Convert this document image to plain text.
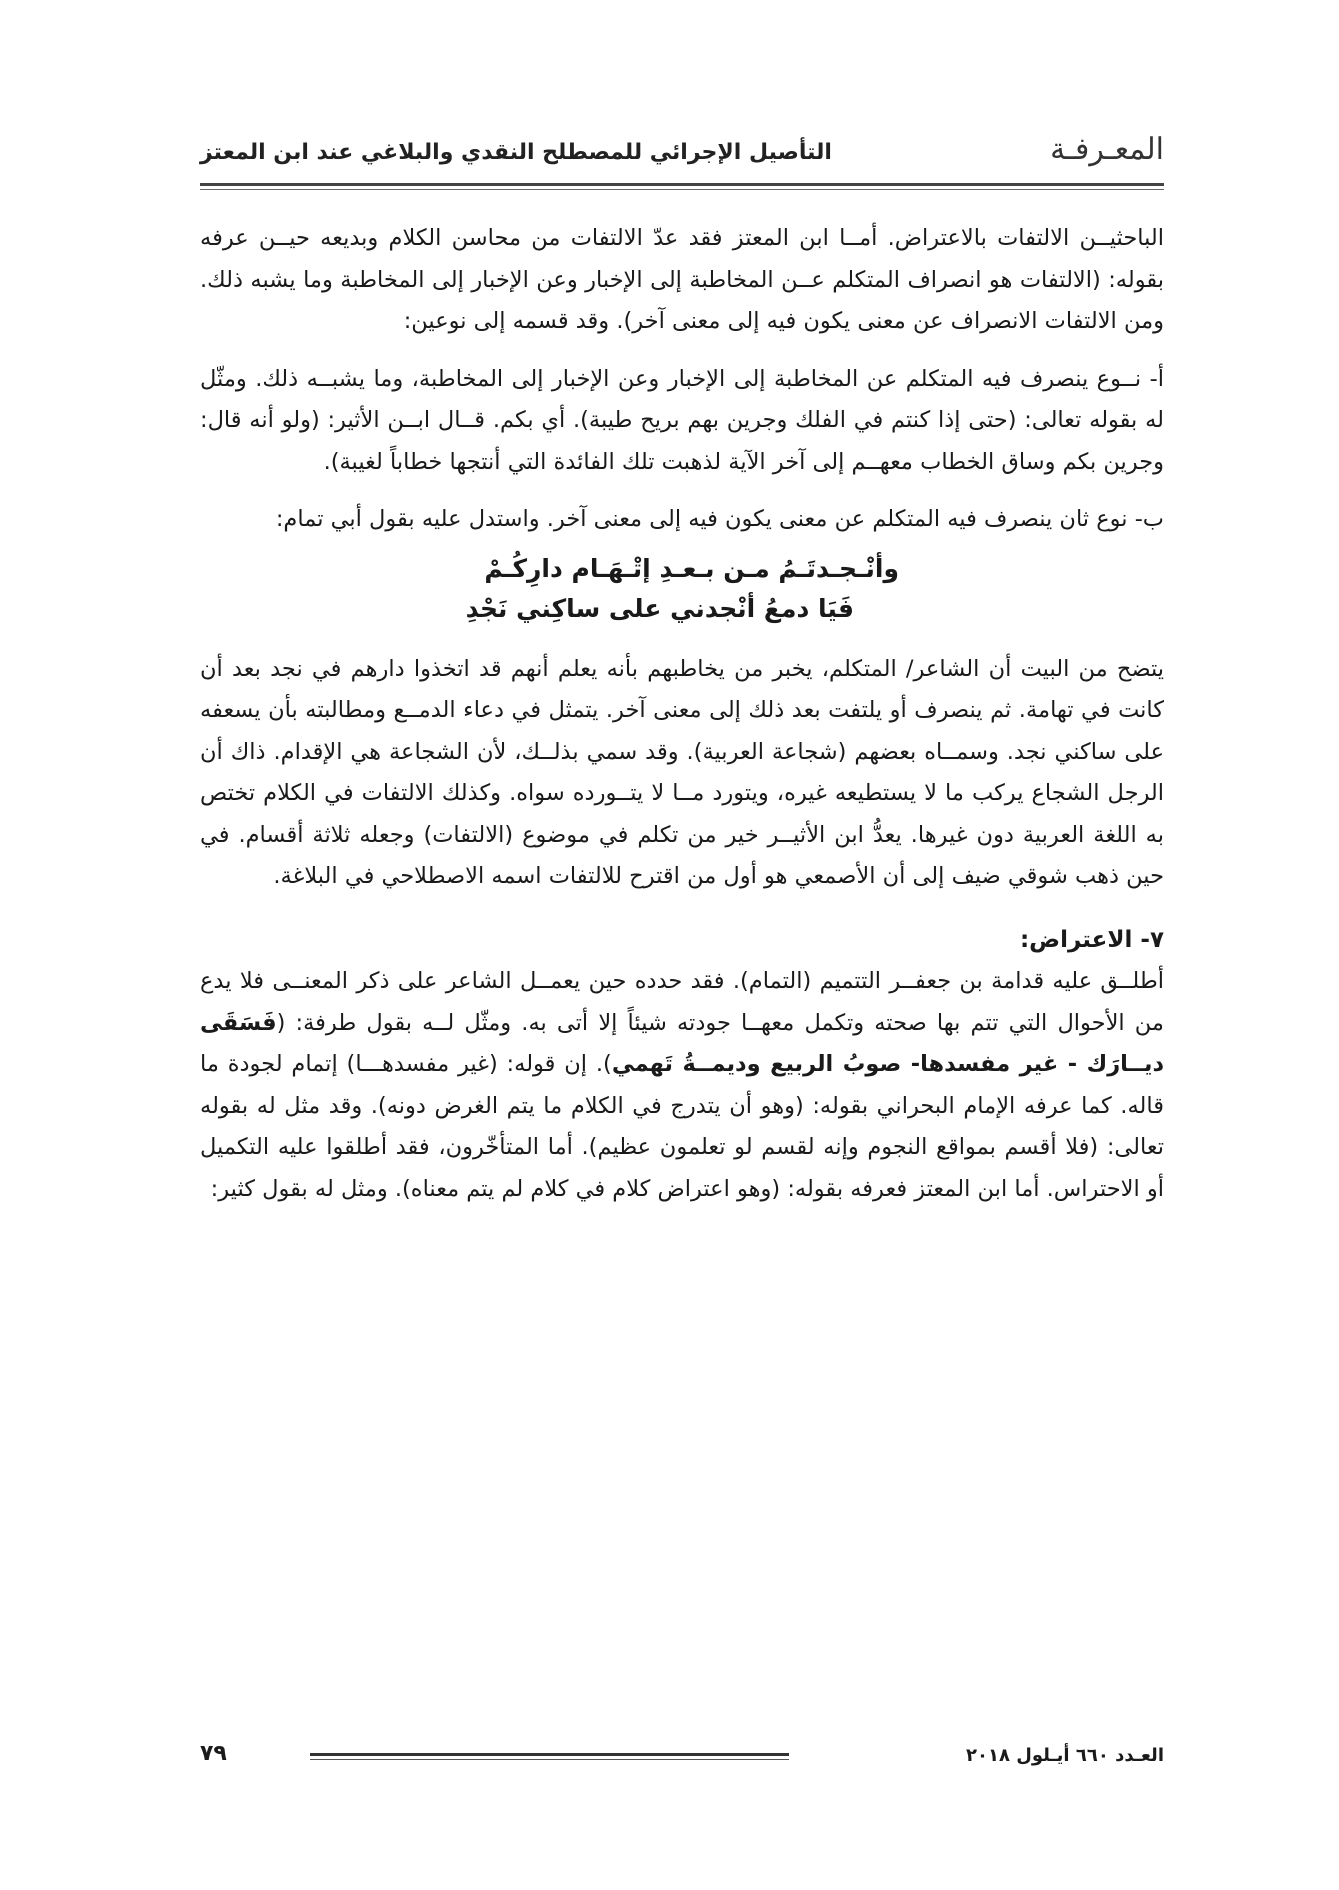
المعـرفـة
التأصيل الإجرائي للمصطلح النقدي والبلاغي عند ابن المعتز

الباحثيــن الالتفات بالاعتراض. أمــا ابن المعتز فقد عدّ الالتفات من محاسن الكلام وبديعه حيــن عرفه بقوله: (الالتفات هو انصراف المتكلم عــن المخاطبة إلى الإخبار وعن الإخبار إلى المخاطبة وما يشبه ذلك. ومن الالتفات الانصراف عن معنى يكون فيه إلى معنى آخر). وقد قسمه إلى نوعين:

أ- نــوع ينصرف فيه المتكلم عن المخاطبة إلى الإخبار وعن الإخبار إلى المخاطبة، وما يشبــه ذلك. ومثّل له بقوله تعالى: (حتى إذا كنتم في الفلك وجرين بهم بريح طيبة). أي بكم. قــال ابــن الأثير: (ولو أنه قال: وجرين بكم وساق الخطاب معهــم إلى آخر الآية لذهبت تلك الفائدة التي أنتجها خطاباً لغيبة).

ب- نوع ثان ينصرف فيه المتكلم عن معنى يكون فيه إلى معنى آخر. واستدل عليه بقول أبي تمام:

وأنْـجـدتَـمُ مـن بـعـدِ إتْـهَـام دارِكُـمْ
فَيَا دمعُ أنْجدني على ساكِني نَجْدِ

يتضح من البيت أن الشاعر/ المتكلم، يخبر من يخاطبهم بأنه يعلم أنهم قد اتخذوا دارهم في نجد بعد أن كانت في تهامة. ثم ينصرف أو يلتفت بعد ذلك إلى معنى آخر. يتمثل في دعاء الدمــع ومطالبته بأن يسعفه على ساكني نجد. وسمــاه بعضهم (شجاعة العربية). وقد سمي بذلــك، لأن الشجاعة هي الإقدام. ذاك أن الرجل الشجاع يركب ما لا يستطيعه غيره، ويتورد مــا لا يتــورده سواه. وكذلك الالتفات في الكلام تختص به اللغة العربية دون غيرها. يعدُّ ابن الأثيــر خير من تكلم في موضوع (الالتفات) وجعله ثلاثة أقسام. في حين ذهب شوقي ضيف إلى أن الأصمعي هو أول من اقترح للالتفات اسمه الاصطلاحي في البلاغة.

٧- الاعتراض:

أطلــق عليه قدامة بن جعفــر التتميم (التمام). فقد حدده حين يعمــل الشاعر على ذكر المعنــى فلا يدع من الأحوال التي تتم بها صحته وتكمل معهــا جودته شيئاً إلا أتى به. ومثّل لــه بقول طرفة: (فَسَقَى ديــارَك - غير مفسدها- صوبُ الربيع وديمــةُ تَهمي). إن قوله: (غير مفسدهـــا) إتمام لجودة ما قاله. كما عرفه الإمام البحراني بقوله: (وهو أن يتدرج في الكلام ما يتم الغرض دونه). وقد مثل له بقوله تعالى: (فلا أقسم بمواقع النجوم وإنه لقسم لو تعلمون عظيم). أما المتأخّرون، فقد أطلقوا عليه التكميل أو الاحتراس. أما ابن المعتز فعرفه بقوله: (وهو اعتراض كلام في كلام لم يتم معناه). ومثل له بقول كثير:

العـدد ٦٦٠ أيـلول ٢٠١٨
٧٩
